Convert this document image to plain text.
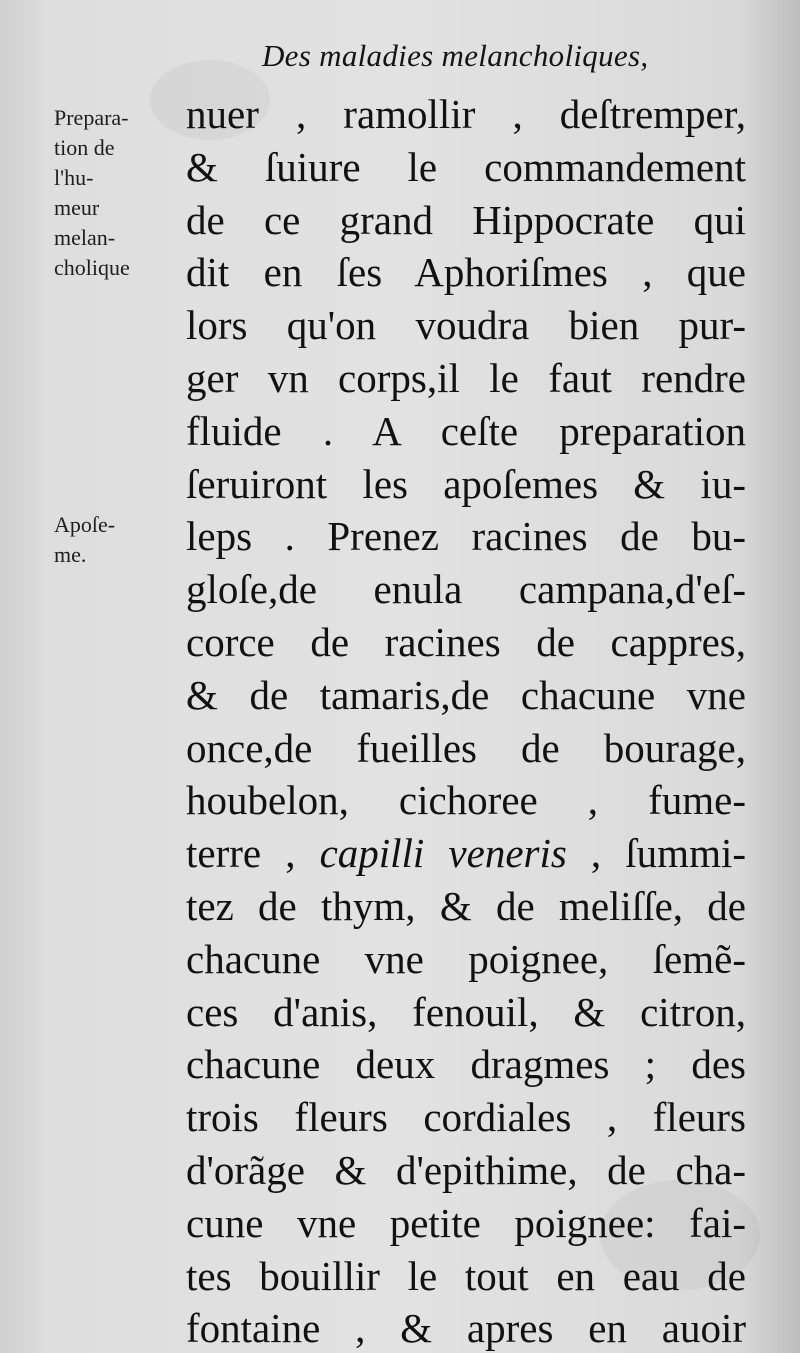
Des maladies melancholiques,
Prepara-
tion de
l'hu-
meur
melan-
cholique
Apoſe-
me.
nuer , ramollir , deſtremper,
& ſuiure le commandement
de ce grand Hippocrate qui
dit en ſes Aphoriſmes , que
lors qu'on voudra bien pur-
ger vn corps,il le faut rendre
fluide . A ceſte preparation
ſeruiront les apoſemes & iu-
leps . Prenez racines de bu-
gloſe,de enula campana,d'eſ-
corce de racines de cappres,
& de tamaris,de chacune vne
once,de fueilles de bourage,
houbelon, cichoree , fume-
terre , capilli veneris , ſummi-
tez de thym, & de meliſſe, de
chacune vne poignee, ſemẽ-
ces d'anis, fenouil, & citron,
chacune deux dragmes ; des
trois fleurs cordiales , fleurs
d'orãge & d'epithime, de cha-
cune vne petite poignee: fai-
tes bouillir le tout en eau de
fontaine , & apres en auoir
